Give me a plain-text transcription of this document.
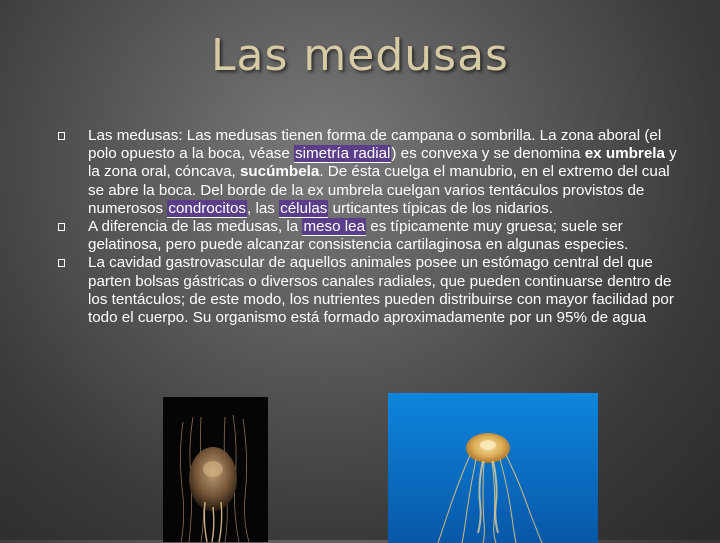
Las medusas
Las medusas: Las medusas tienen forma de campana o sombrilla. La zona aboral (el polo opuesto a la boca, véase simetría radial) es convexa y se denomina ex umbrela y la zona oral, cóncava, sucúmbela. De ésta cuelga el manubrio, en el extremo del cual se abre la boca. Del borde de la ex umbrela cuelgan varios tentáculos provistos de numerosos condrocitos, las células urticantes típicas de los nidarios.
A diferencia de las medusas, la meso lea es típicamente muy gruesa; suele ser gelatinosa, pero puede alcanzar consistencia cartilaginosa en algunas especies.
La cavidad gastrovascular de aquellos animales posee un estómago central del que parten bolsas gástricas o diversos canales radiales, que pueden continuarse dentro de los tentáculos; de este modo, los nutrientes pueden distribuirse con mayor facilidad por todo el cuerpo. Su organismo está formado aproximadamente por un 95% de agua
